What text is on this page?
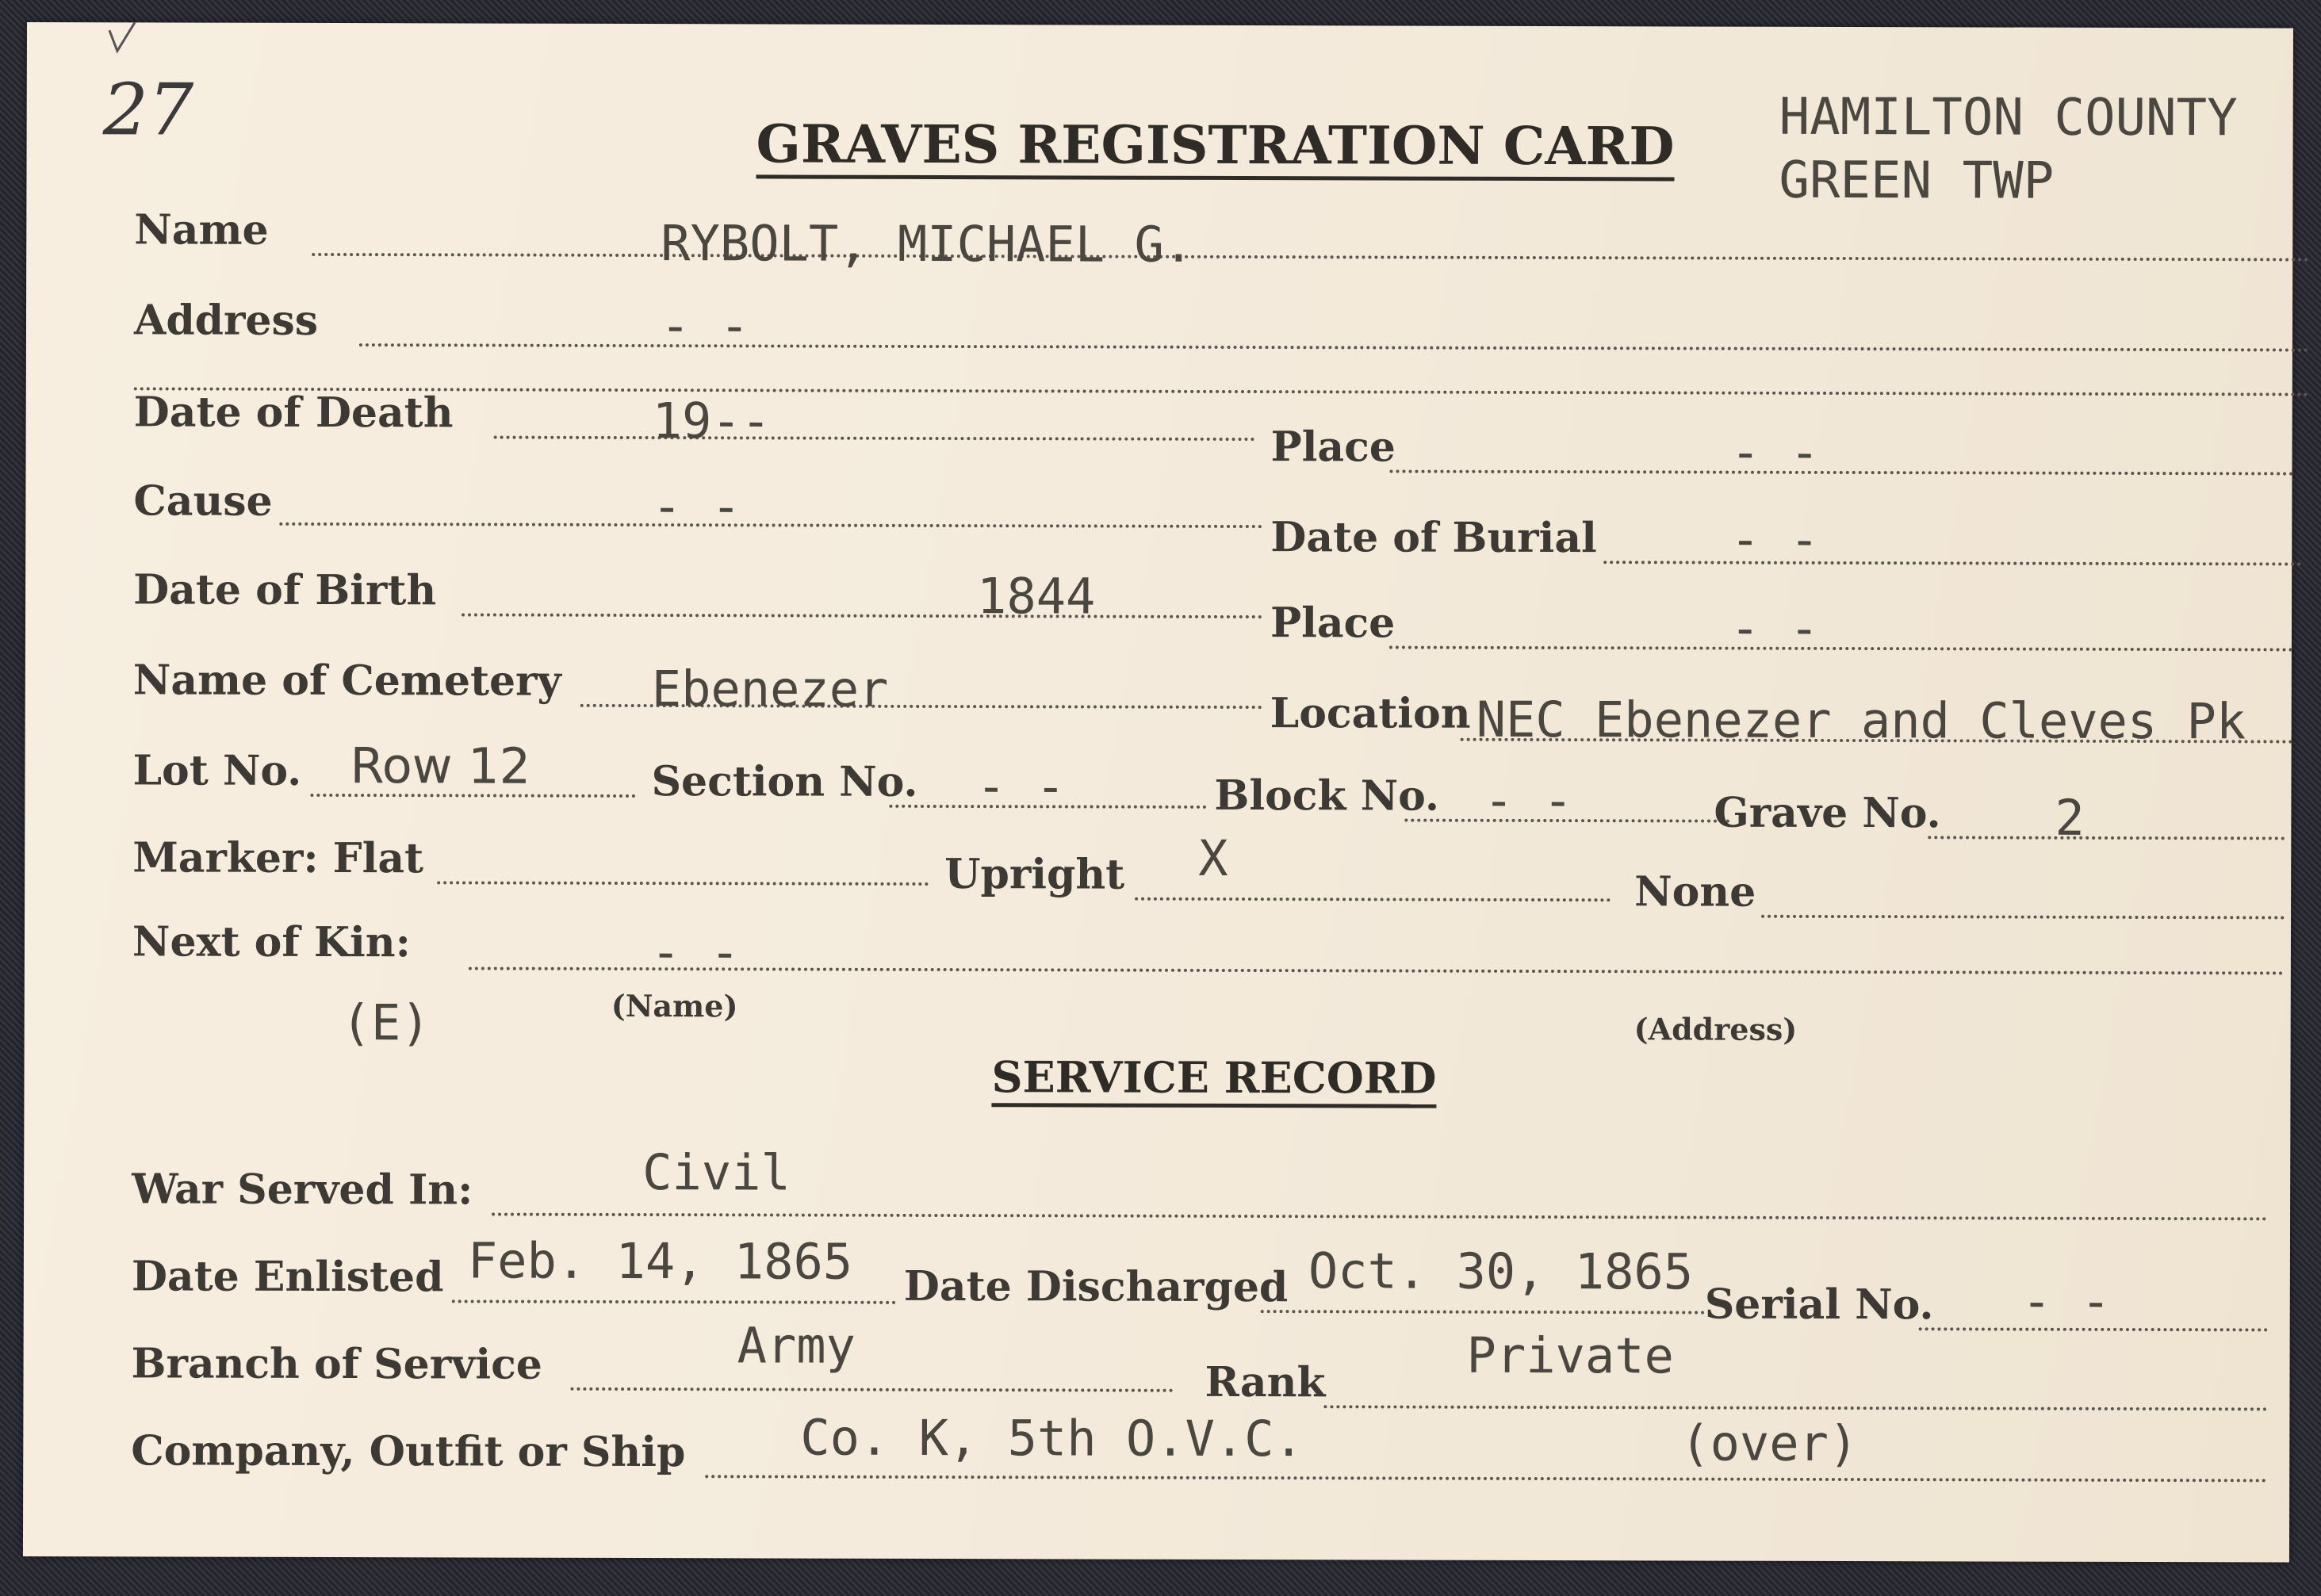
27	GRAVES REGISTRATION CARD HAMILTON COUNTY
GREEN TWP
Name	RYBOLT, MICHAEL G.
Address	- -
Date of Death	19--	Place	- -
Cause	- -
Date of Burial	- -
Date of Birth	1844	Place	- -
Name of Cemetery Ebenezer	Location NEC Ebenezer and Cleves Pk
Lot No. Row 12	Section No. - -	Block No. - -	Grave No. 2
Marker: Flat	Upright X
None
Next of Kin:	- -
(E)	(Name)
(Address)
SERVICE RECORD
War Served In:	Civil
Date Enlisted Feb. 14, 1865 Date Discharged Oct. 30, 1865
Serial No. - -
Branch of Service	Army
Rank	Private
Company, Outfit or Ship Co. K, 5th O.V.C.	(over)
